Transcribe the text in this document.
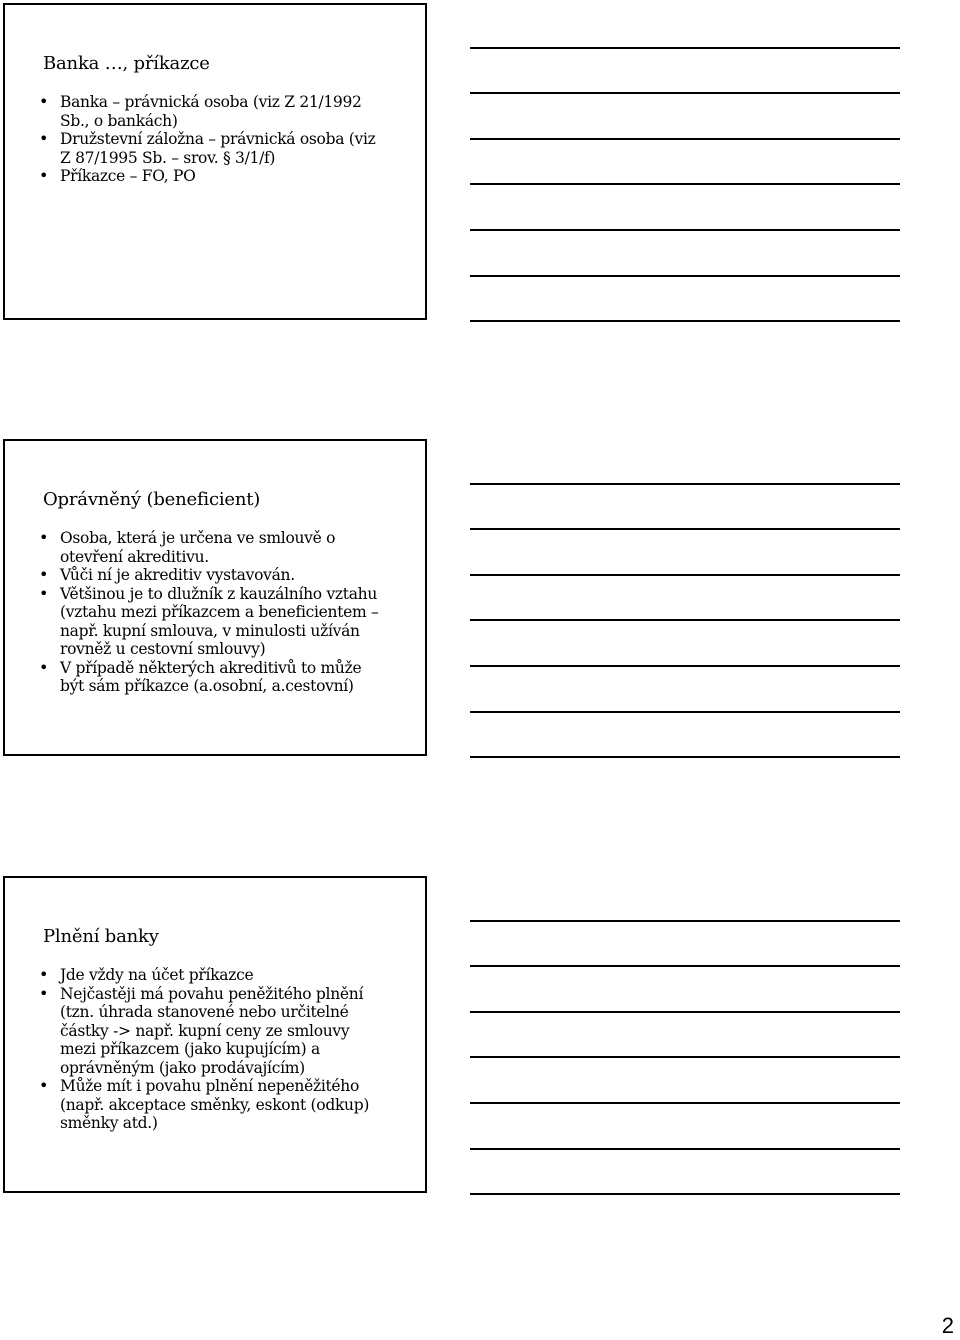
Banka …, příkazce
• Banka – právnická osoba (viz Z 21/1992 Sb., o bankách)
• Družstevní záložna – právnická osoba (viz Z 87/1995 Sb. – srov. § 3/1/f)
• Příkazce – FO, PO
Oprávněný (beneficient)
• Osoba, která je určena ve smlouvě o otevření akreditivu.
• Vůči ní je akreditiv vystavován.
• Většinou je to dlužník z kauzálního vztahu (vztahu mezi příkazcem a beneficientem – např. kupní smlouva, v minulosti užíván rovněž u cestovní smlouvy)
• V případě některých akreditivů to může být sám příkazce (a.osobní, a.cestovní)
Plnění banky
• Jde vždy na účet příkazce
• Nejčastěji má povahu peněžitého plnění (tzn. úhrada stanovené nebo určitelné částky -> např. kupní ceny ze smlouvy mezi příkazcem (jako kupujícím) a oprávněným (jako prodávajícím)
• Může mít i povahu plnění nepeněžitého (např. akceptace směnky, eskont (odkup) směnky atd.)
2
